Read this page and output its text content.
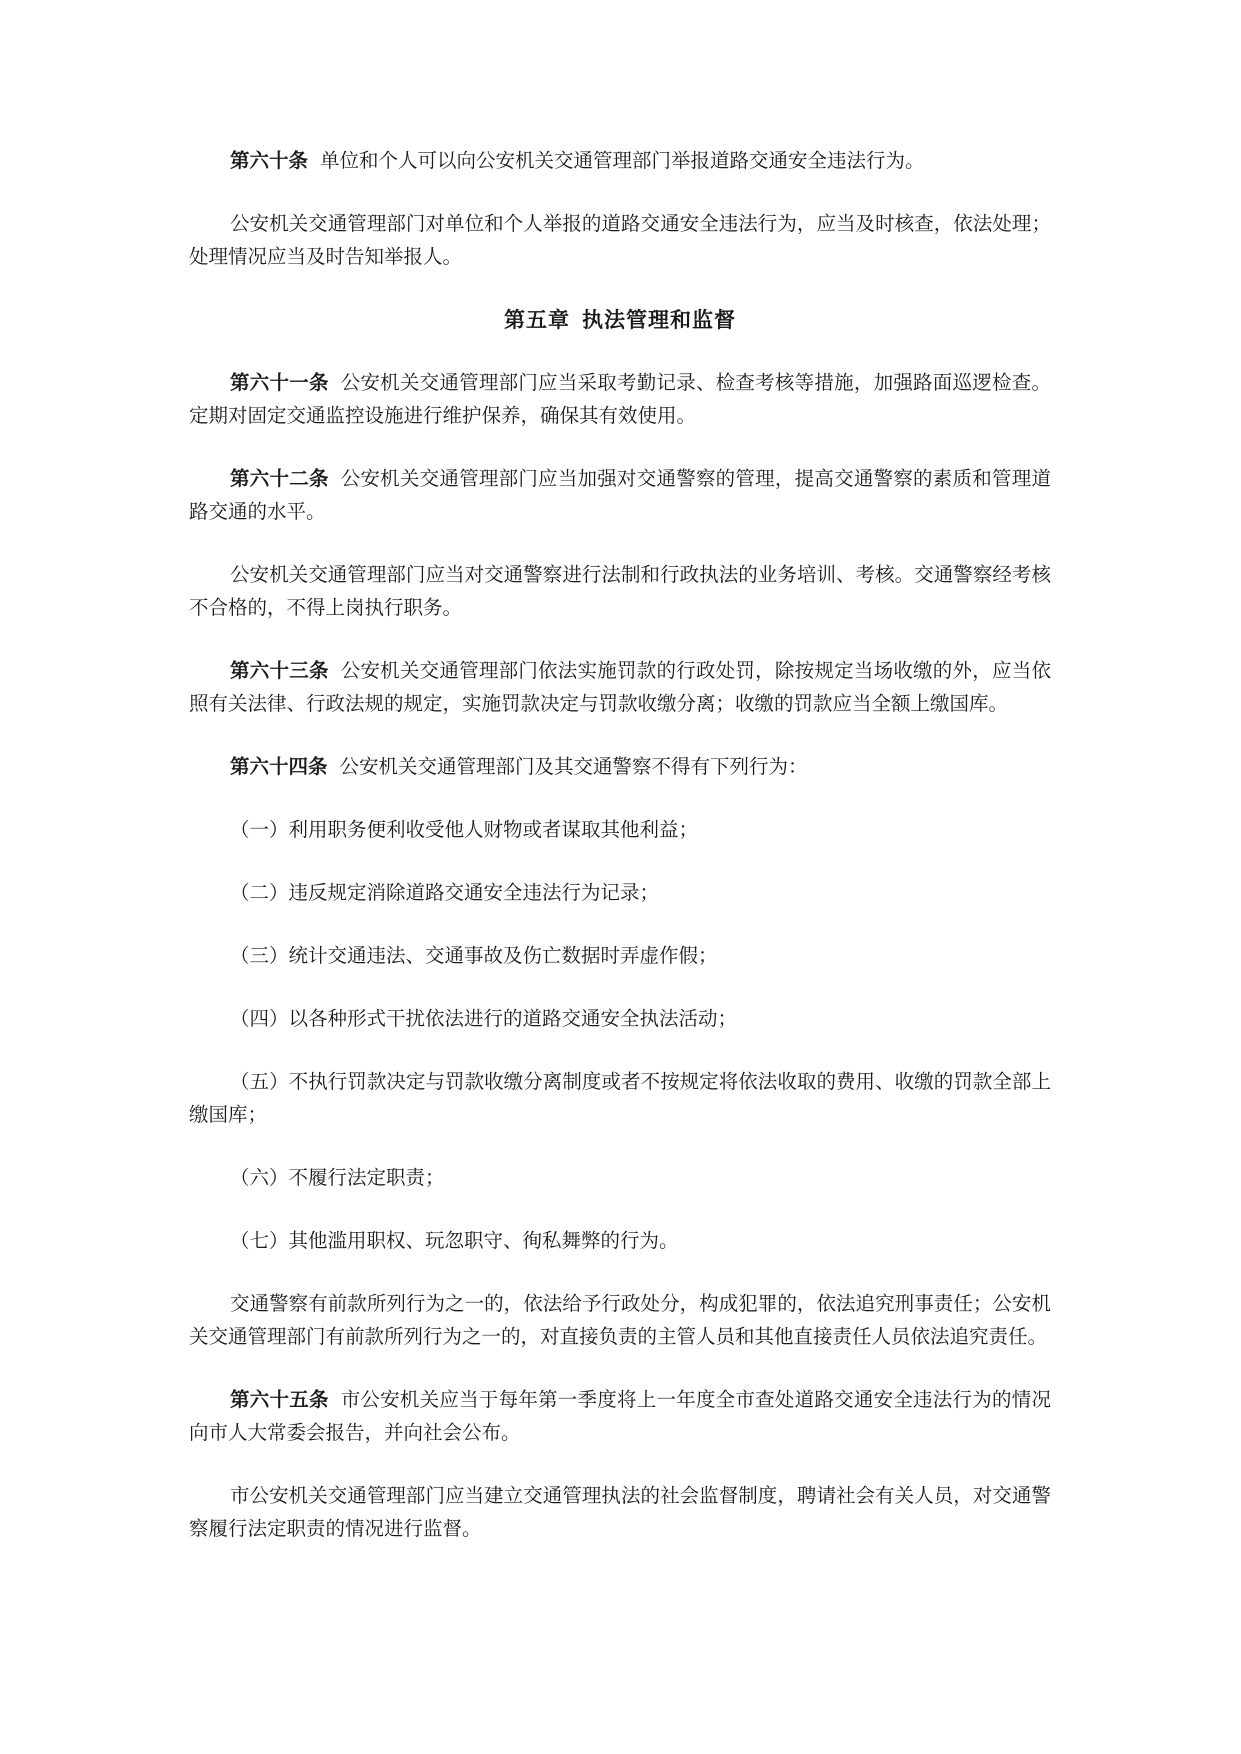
第六十条 单位和个人可以向公安机关交通管理部门举报道路交通安全违法行为。

公安机关交通管理部门对单位和个人举报的道路交通安全违法行为，应当及时核查，依法处理；处理情况应当及时告知举报人。

第五章 执法管理和监督

第六十一条 公安机关交通管理部门应当采取考勤记录、检查考核等措施，加强路面巡逻检查。定期对固定交通监控设施进行维护保养，确保其有效使用。

第六十二条 公安机关交通管理部门应当加强对交通警察的管理，提高交通警察的素质和管理道路交通的水平。

公安机关交通管理部门应当对交通警察进行法制和行政执法的业务培训、考核。交通警察经考核不合格的，不得上岗执行职务。

第六十三条 公安机关交通管理部门依法实施罚款的行政处罚，除按规定当场收缴的外，应当依照有关法律、行政法规的规定，实施罚款决定与罚款收缴分离；收缴的罚款应当全额上缴国库。

第六十四条 公安机关交通管理部门及其交通警察不得有下列行为：

（一）利用职务便利收受他人财物或者谋取其他利益；

（二）违反规定消除道路交通安全违法行为记录；

（三）统计交通违法、交通事故及伤亡数据时弄虚作假；

（四）以各种形式干扰依法进行的道路交通安全执法活动；

（五）不执行罚款决定与罚款收缴分离制度或者不按规定将依法收取的费用、收缴的罚款全部上缴国库；

（六）不履行法定职责；

（七）其他滥用职权、玩忽职守、徇私舞弊的行为。

交通警察有前款所列行为之一的，依法给予行政处分，构成犯罪的，依法追究刑事责任；公安机关交通管理部门有前款所列行为之一的，对直接负责的主管人员和其他直接责任人员依法追究责任。

第六十五条 市公安机关应当于每年第一季度将上一年度全市查处道路交通安全违法行为的情况向市人大常委会报告，并向社会公布。

市公安机关交通管理部门应当建立交通管理执法的社会监督制度，聘请社会有关人员，对交通警察履行法定职责的情况进行监督。
